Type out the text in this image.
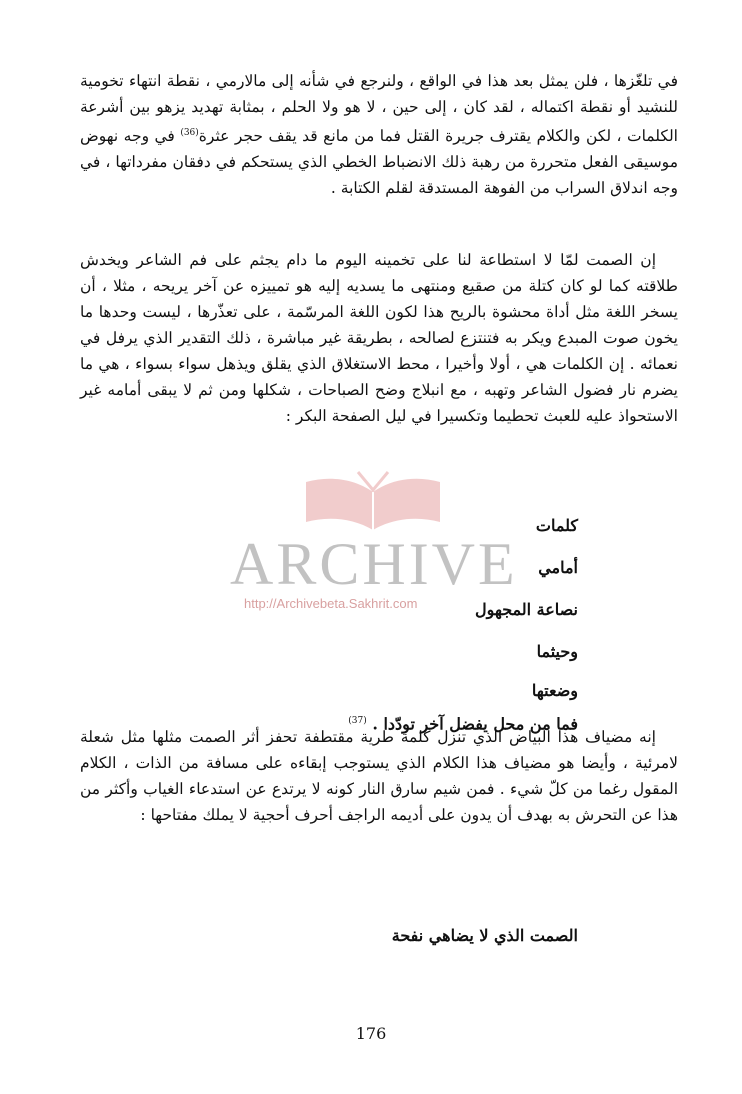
ARCHIVE
http://Archivebeta.Sakhrit.com

في تلغّزها ، فلن يمثل بعد هذا في الواقع ، ولنرجع في شأنه إلى مالارمي ، نقطة انتهاء تخومية للنشيد أو نقطة اكتماله ، لقد كان ، إلى حين ، لا هو ولا الحلم ، بمثابة تهديد يزهو بين أشرعة الكلمات ، لكن والكلام يقترف جريرة القتل فما من مانع قد يقف حجر عثرة$^{(36)}$ في وجه نهوض موسيقى الفعل متحررة من رهبة ذلك الانضباط الخطي الذي يستحكم في دفقان مفرداتها ، في وجه اندلاق السراب من الفوهة المستدقة لقلم الكتابة .

إن الصمت لمّا لا استطاعة لنا على تخمينه اليوم ما دام يجثم على فم الشاعر ويخدش طلاقته كما لو كان كتلة من صقيع ومنتهى ما يسديه إليه هو تمييزه عن آخر يريحه ، مثلا ، أن يسخر اللغة مثل أداة محشوة بالريح هذا لكون اللغة المرسّمة ، على تعذّرها ، ليست وحدها ما يخون صوت المبدع ويكر به فتنتزع لصالحه ، بطريقة غير مباشرة ، ذلك التقدير الذي يرفل في نعمائه . إن الكلمات هي ، أولا وأخيرا ، محط الاستغلاق الذي يقلق ويذهل سواء بسواء ، هي ما يضرم نار فضول الشاعر وتهبه ، مع انبلاج وضح الصباحات ، شكلها ومن ثم لا يبقى أمامه غير الاستحواذ عليه للعبث تحطيما وتكسيرا في ليل الصفحة البكر :

كلمات
أمامي
نصاعة المجهول
وحيثما
وضعتها
فما من محل يفضل آخر تودّدا . $^{(37)}$

إنه مضياف هذا البياض الذي تنزل كلمة طرية مقتطفة تحفز أثر الصمت مثلها مثل شعلة لامرئية ، وأيضا هو مضياف هذا الكلام الذي يستوجب إبقاءه على مسافة من الذات ، الكلام المقول رغما من كلّ شيء . فمن شيم سارق النار كونه لا يرتدع عن استدعاء الغياب وأكثر من هذا عن التحرش به بهدف أن يدون على أديمه الراجف أحرف أحجية لا يملك مفتاحها :

الصمت الذي لا يضاهي نفحة
176
